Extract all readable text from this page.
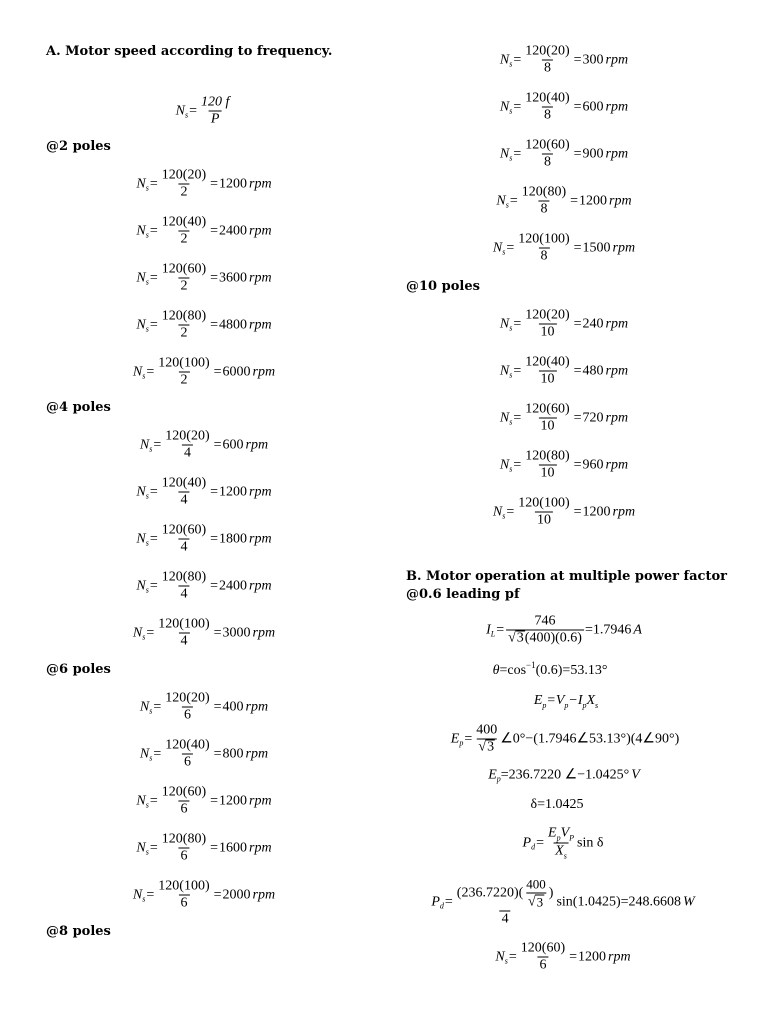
A. Motor speed according to frequency.
N $s = \frac{120 f}{P}$
@2 poles
@4 poles
@6 poles
@8 poles
@10 poles
N $s = \frac{120(20)}{2} = 1200$ rpm
N $s = \frac{120(40)}{2} = 2400$ rpm
N $s = \frac{120(60)}{2} = 3600$ rpm
N $s = \frac{120(80)}{2} = 4800$ rpm
N $s = \frac{120(100)}{2} = 6000$ rpm
N $s = \frac{120(20)}{4} = 600$ rpm
N $s = \frac{120(40)}{4} = 1200$ rpm
N $s = \frac{120(60)}{4} = 1800$ rpm
N $s = \frac{120(80)}{4} = 2400$ rpm
N $s = \frac{120(100)}{4} = 3000$ rpm
N $s = \frac{120(20)}{6} = 400$ rpm
N $s = \frac{120(40)}{6} = 800$ rpm
N $s = \frac{120(60)}{6} = 1200$ rpm
N $s = \frac{120(80)}{6} = 1600$ rpm
N $s = \frac{120(100)}{6} = 2000$ rpm
N $s = \frac{120(20)}{8} = 300$ rpm
N $s = \frac{120(40)}{8} = 600$ rpm
N $s = \frac{120(60)}{8} = 900$ rpm
N $s = \frac{120(80)}{8} = 1200$ rpm
N $s = \frac{120(100)}{8} = 1500$ rpm
N $s = \frac{120(20)}{10} = 240$ rpm
N $s = \frac{120(40)}{10} = 480$ rpm
N $s = \frac{120(60)}{10} = 720$ rpm
N $s = \frac{120(80)}{10} = 960$ rpm
N $s = \frac{120(100)}{10} = 1200$ rpm
B. Motor operation at multiple power factor
@0.6 leading pf
I $L = \frac{746}{√ 3 (400)(0.6)} =1.7946$ A
θ =cos −1 (0.6)=53.13°
E p =V p −I p X s
E $p = \frac{400}{√ 3}$ ∠0°−(1.7946∠53.13°)(4∠90°)
E p =236.7220 ∠−1.0425° V
δ=1.0425
P $d = \frac{E_pV_P}{X_s}$ sin δ
P $d = \frac{(236.7220)( \frac{400}{√ 3} )}{4} \sin(1.0425)=248.6608$ W
N $s = \frac{120(60)}{6} = 1200$ rpm
